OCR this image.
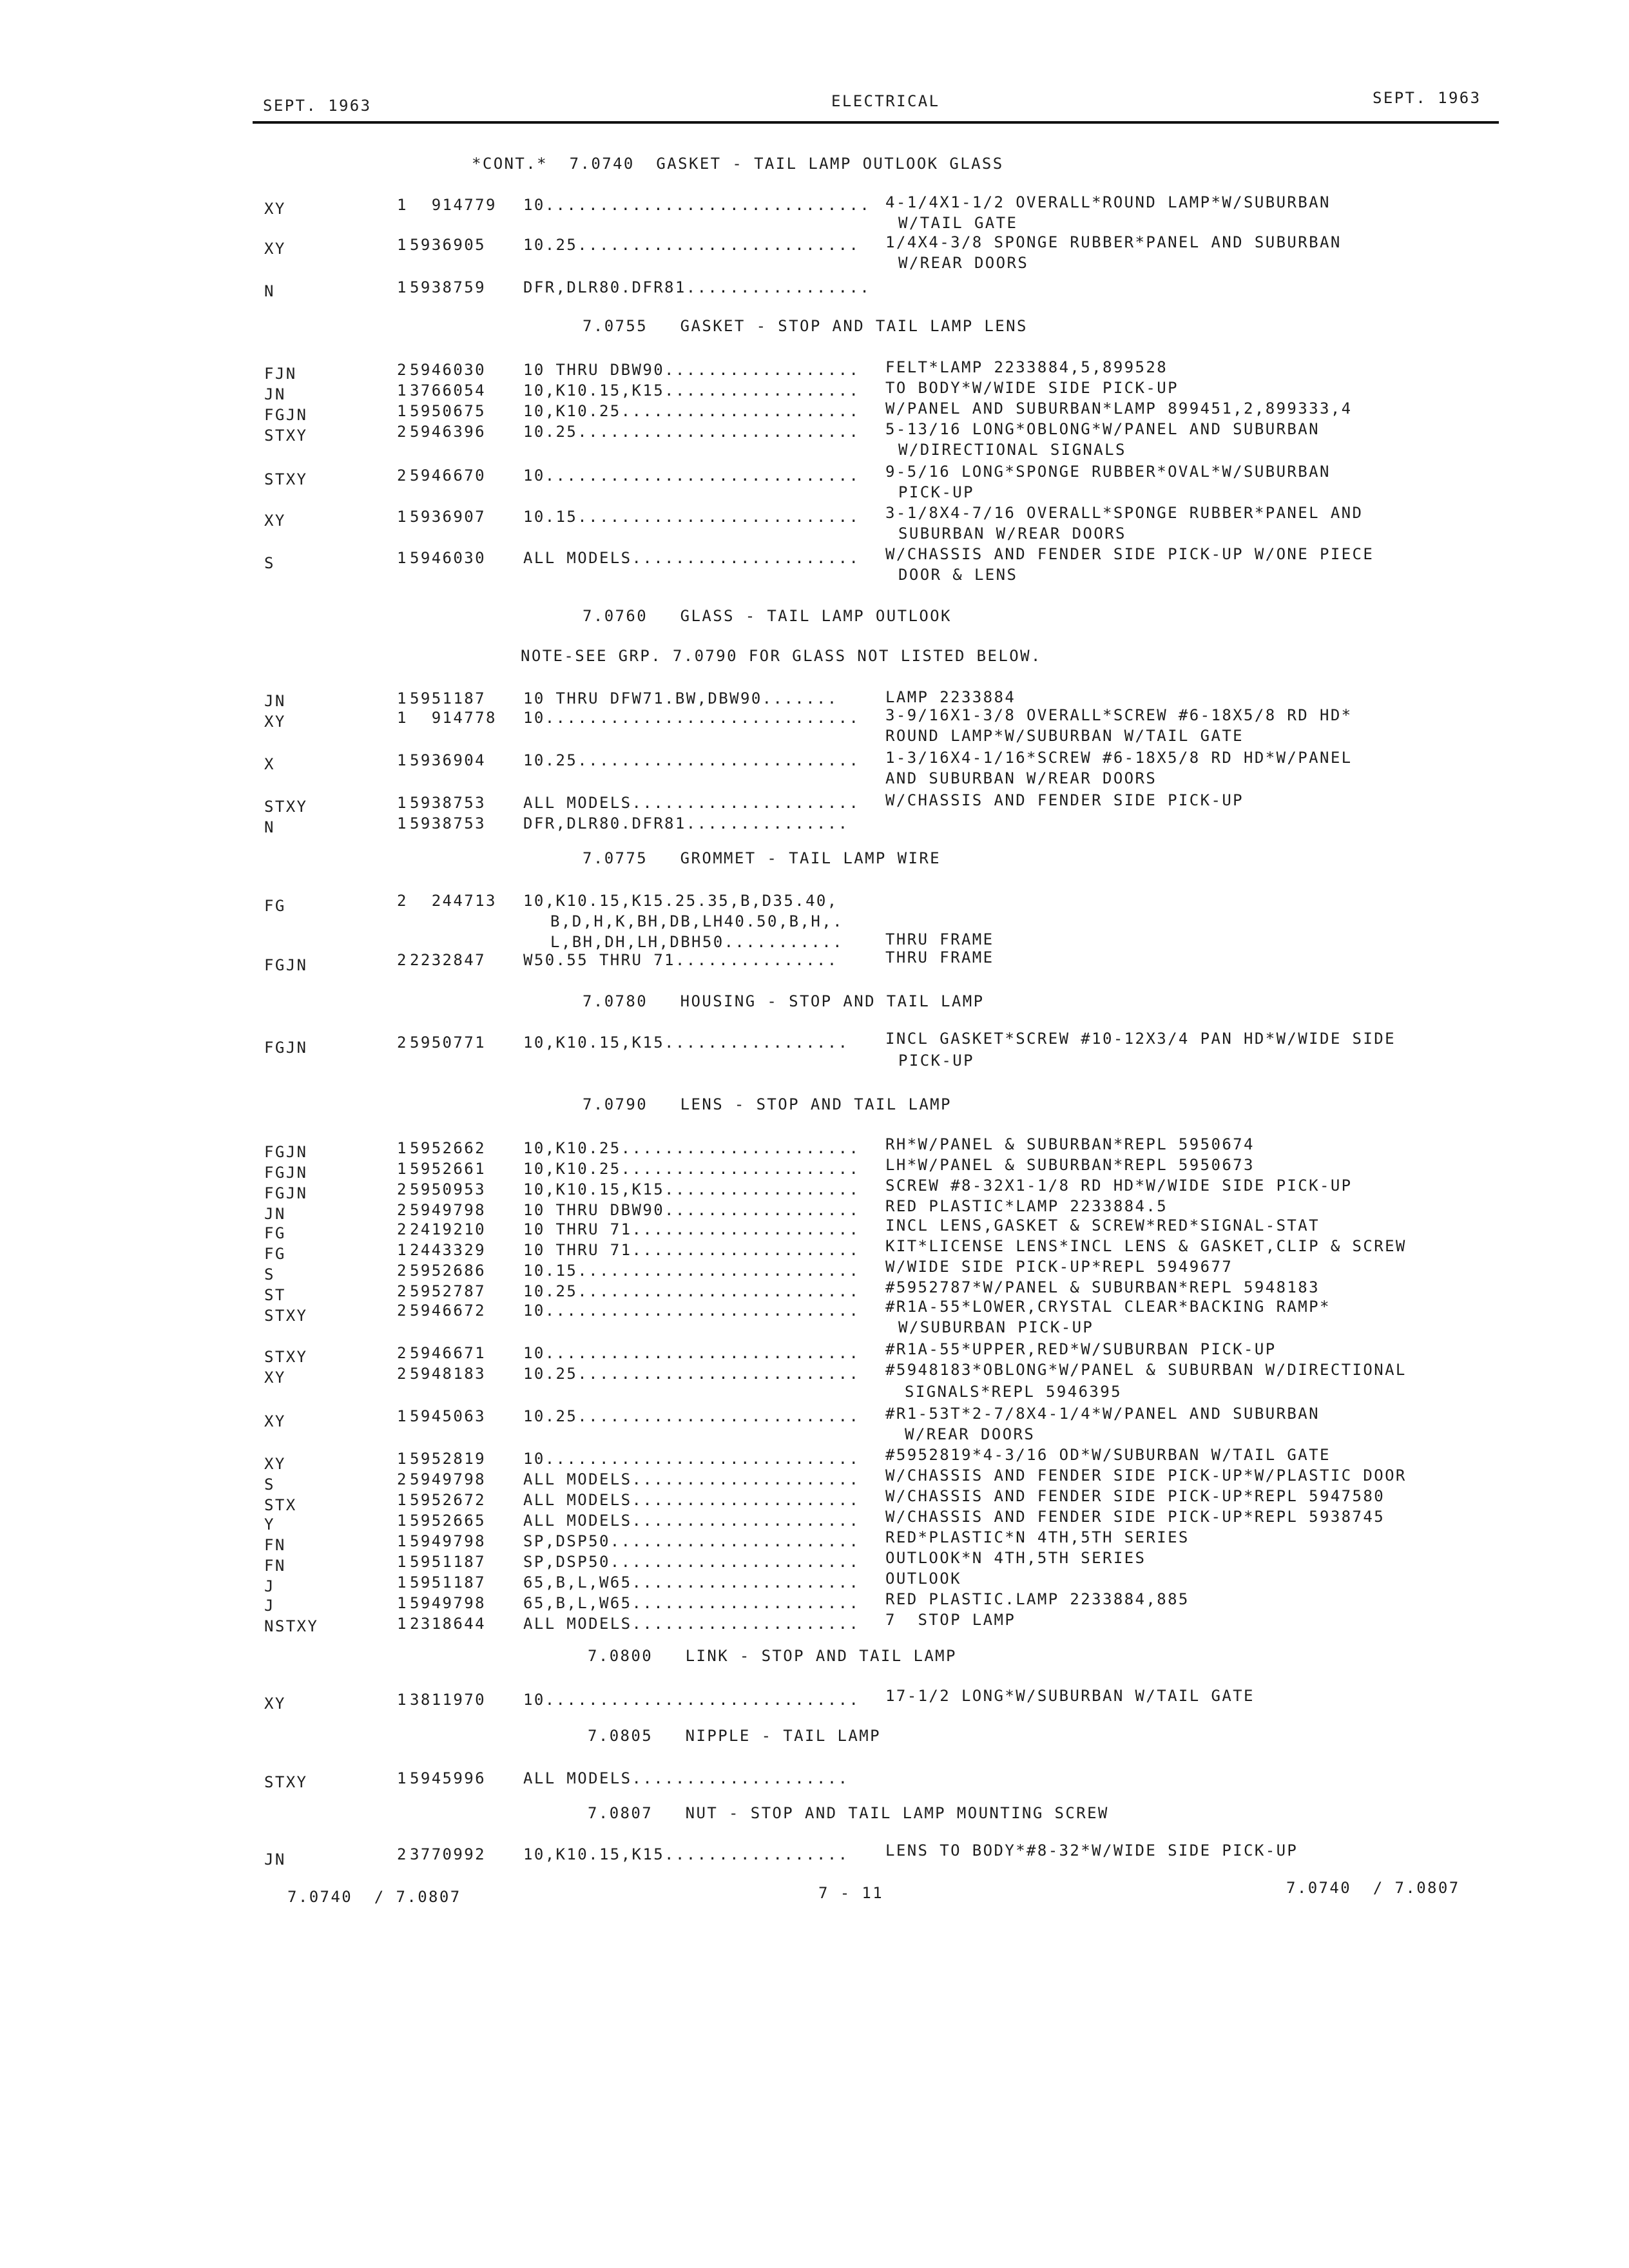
SEPT. 1963	ELECTRICAL	SEPT. 1963
*CONT.*  7.0740  GASKET - TAIL LAMP OUTLOOK GLASS
XY	1 914779 10.............................. 4-1/4X1-1/2 OVERALL*ROUND LAMP*W/SUBURBAN
W/TAIL GATE
XY	1 5936905 10.25.......................... 1/4X4-3/8 SPONGE RUBBER*PANEL AND SUBURBAN
W/REAR DOORS
N	1 5938759 DFR,DLR80.DFR81.................
7.0755   GASKET - STOP AND TAIL LAMP LENS
FJN	2 5946030 10 THRU DBW90.................. FELT*LAMP 2233884,5,899528
JN	1 3766054 10,K10.15,K15.................. TO BODY*W/WIDE SIDE PICK-UP
FGJN	1 5950675 10,K10.25...................... W/PANEL AND SUBURBAN*LAMP 899451,2,899333,4
STXY	2 5946396 10.25.......................... 5-13/16 LONG*OBLONG*W/PANEL AND SUBURBAN
W/DIRECTIONAL SIGNALS
STXY	2 5946670 10............................. 9-5/16 LONG*SPONGE RUBBER*OVAL*W/SUBURBAN
PICK-UP
XY	1 5936907 10.15.......................... 3-1/8X4-7/16 OVERALL*SPONGE RUBBER*PANEL AND
SUBURBAN W/REAR DOORS
S	1 5946030 ALL MODELS..................... W/CHASSIS AND FENDER SIDE PICK-UP W/ONE PIECE
DOOR & LENS
7.0760   GLASS - TAIL LAMP OUTLOOK
NOTE-SEE GRP. 7.0790 FOR GLASS NOT LISTED BELOW.
JN	1 5951187 10 THRU DFW71.BW,DBW90.......	LAMP 2233884
XY	1 914778 10............................. 3-9/16X1-3/8 OVERALL*SCREW #6-18X5/8 RD HD*
ROUND LAMP*W/SUBURBAN W/TAIL GATE
X	1 5936904 10.25.......................... 1-3/16X4-1/16*SCREW #6-18X5/8 RD HD*W/PANEL
AND SUBURBAN W/REAR DOORS
STXY	1 5938753 ALL MODELS..................... W/CHASSIS AND FENDER SIDE PICK-UP
N	1 5938753 DFR,DLR80.DFR81...............
7.0775   GROMMET - TAIL LAMP WIRE
FG	2 244713 10,K10.15,K15.25.35,B,D35.40,
B,D,H,K,BH,DB,LH40.50,B,H,.
L,BH,DH,LH,DBH50...........	THRU FRAME
FGJN	2 2232847 W50.55 THRU 71...............	THRU FRAME
7.0780   HOUSING - STOP AND TAIL LAMP
FGJN	2 5950771 10,K10.15,K15................. INCL GASKET*SCREW #10-12X3/4 PAN HD*W/WIDE SIDE
PICK-UP
7.0790   LENS - STOP AND TAIL LAMP
FGJN	1 5952662 10,K10.25...................... RH*W/PANEL & SUBURBAN*REPL 5950674
FGJN	1 5952661 10,K10.25...................... LH*W/PANEL & SUBURBAN*REPL 5950673
FGJN	2 5950953 10,K10.15,K15.................. SCREW #8-32X1-1/8 RD HD*W/WIDE SIDE PICK-UP
JN	2 5949798 10 THRU DBW90.................. RED PLASTIC*LAMP 2233884.5
FG	2 2419210 10 THRU 71..................... INCL LENS,GASKET & SCREW*RED*SIGNAL-STAT
FG	1 2443329 10 THRU 71..................... KIT*LICENSE LENS*INCL LENS & GASKET,CLIP & SCREW
S	2 5952686 10.15.......................... W/WIDE SIDE PICK-UP*REPL 5949677
ST	2 5952787 10.25.......................... #5952787*W/PANEL & SUBURBAN*REPL 5948183
STXY	2 5946672 10............................. #R1A-55*LOWER,CRYSTAL CLEAR*BACKING RAMP*
W/SUBURBAN PICK-UP
STXY	2 5946671 10............................. #R1A-55*UPPER,RED*W/SUBURBAN PICK-UP
XY	2 5948183 10.25.......................... #5948183*OBLONG*W/PANEL & SUBURBAN W/DIRECTIONAL
SIGNALS*REPL 5946395
XY	1 5945063 10.25.......................... #R1-53T*2-7/8X4-1/4*W/PANEL AND SUBURBAN
W/REAR DOORS
XY	1 5952819 10............................. #5952819*4-3/16 OD*W/SUBURBAN W/TAIL GATE
S	2 5949798 ALL MODELS..................... W/CHASSIS AND FENDER SIDE PICK-UP*W/PLASTIC DOOR
STX	1 5952672 ALL MODELS..................... W/CHASSIS AND FENDER SIDE PICK-UP*REPL 5947580
Y	1 5952665 ALL MODELS..................... W/CHASSIS AND FENDER SIDE PICK-UP*REPL 5938745
FN	1 5949798 SP,DSP50....................... RED*PLASTIC*N 4TH,5TH SERIES
FN	1 5951187 SP,DSP50....................... OUTLOOK*N 4TH,5TH SERIES
J	1 5951187 65,B,L,W65..................... OUTLOOK
J	1 5949798 65,B,L,W65..................... RED PLASTIC.LAMP 2233884,885
NSTXY	1 2318644 ALL MODELS..................... 7  STOP LAMP
7.0800   LINK - STOP AND TAIL LAMP
XY	1 3811970 10............................. 17-1/2 LONG*W/SUBURBAN W/TAIL GATE
7.0805   NIPPLE - TAIL LAMP
STXY	1 5945996 ALL MODELS....................
7.0807   NUT - STOP AND TAIL LAMP MOUNTING SCREW
JN	2 3770992 10,K10.15,K15................. LENS TO BODY*#8-32*W/WIDE SIDE PICK-UP
7.0740  / 7.0807	7 - 11	7.0740  / 7.0807
